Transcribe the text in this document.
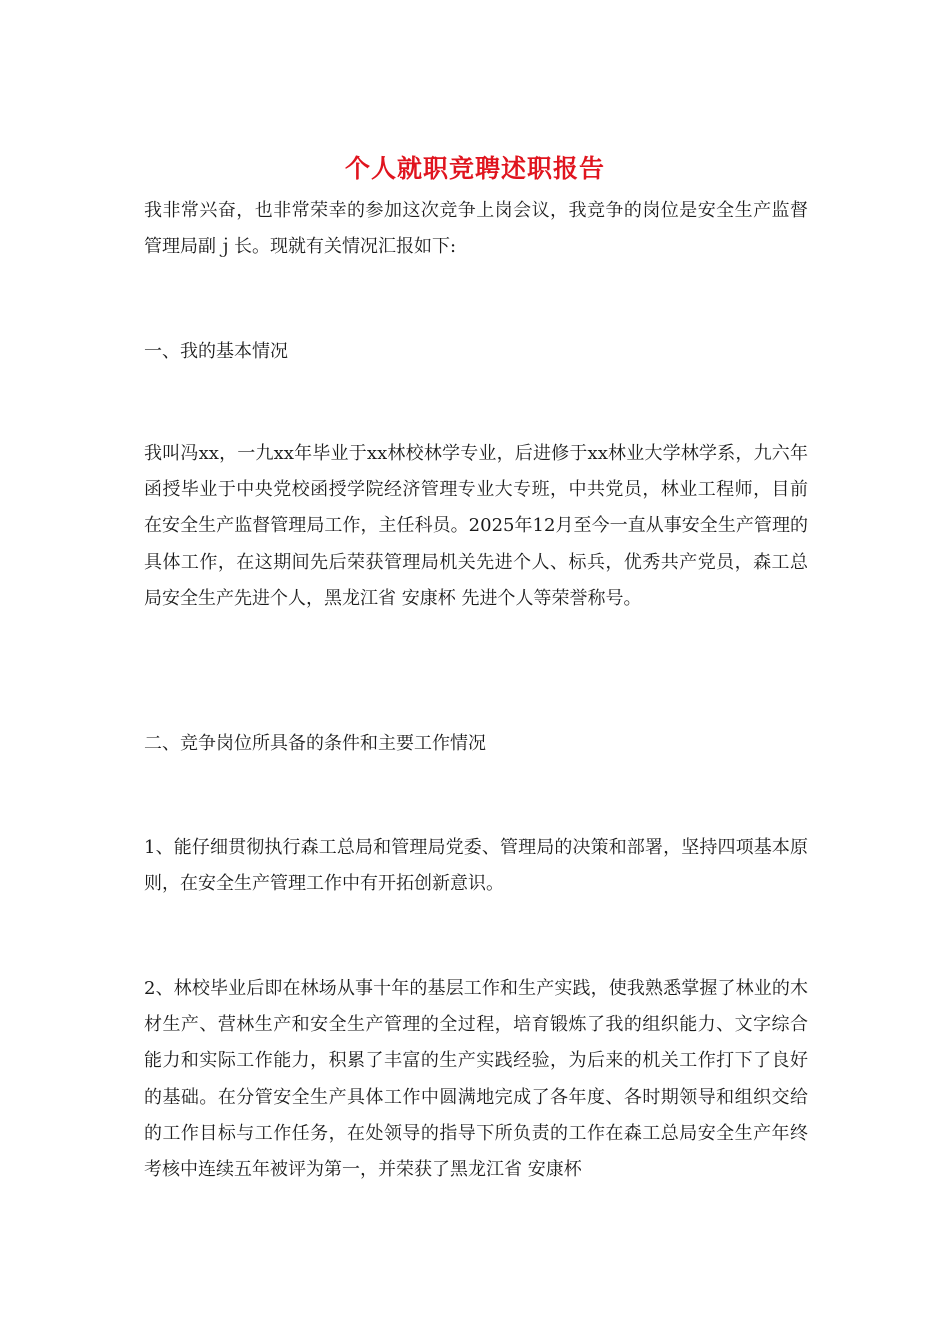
个人就职竞聘述职报告
我非常兴奋，也非常荣幸的参加这次竞争上岗会议，我竞争的岗位是安全生产监督管理局副ｊ长。现就有关情况汇报如下:
一、我的基本情况
我叫冯xx，一九xx年毕业于xx林校林学专业，后进修于xx林业大学林学系，九六年函授毕业于中央党校函授学院经济管理专业大专班，中共党员，林业工程师，目前在安全生产监督管理局工作，主任科员。2025年12月至今一直从事安全生产管理的具体工作，在这期间先后荣获管理局机关先进个人、标兵，优秀共产党员，森工总局安全生产先进个人，黑龙江省 安康杯 先进个人等荣誉称号。
二、竞争岗位所具备的条件和主要工作情况
1、能仔细贯彻执行森工总局和管理局党委、管理局的决策和部署，坚持四项基本原则，在安全生产管理工作中有开拓创新意识。
2、林校毕业后即在林场从事十年的基层工作和生产实践，使我熟悉掌握了林业的木材生产、营林生产和安全生产管理的全过程，培育锻炼了我的组织能力、文字综合能力和实际工作能力，积累了丰富的生产实践经验，为后来的机关工作打下了良好的基础。在分管安全生产具体工作中圆满地完成了各年度、各时期领导和组织交给的工作目标与工作任务，在处领导的指导下所负责的工作在森工总局安全生产年终考核中连续五年被评为第一，并荣获了黑龙江省 安康杯
